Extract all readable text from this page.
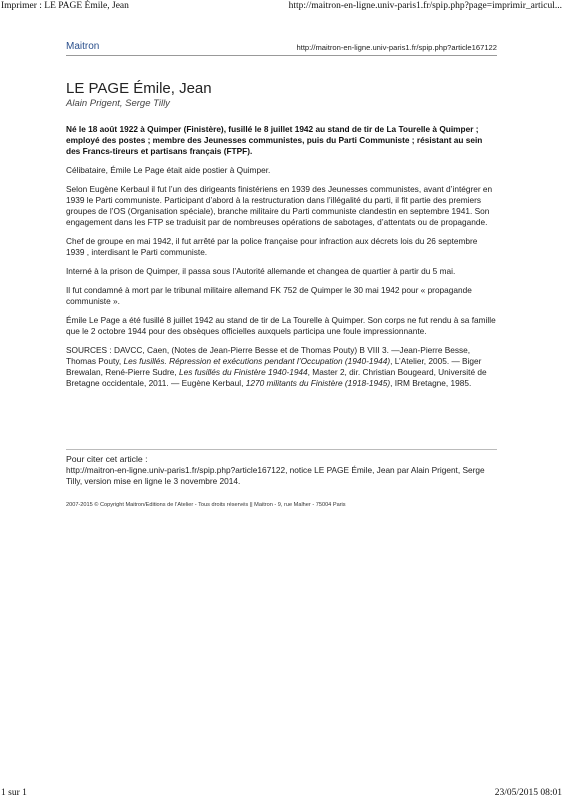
Imprimer : LE PAGE Émile, Jean	http://maitron-en-ligne.univ-paris1.fr/spip.php?page=imprimir_articul...
Maitron	http://maitron-en-ligne.univ-paris1.fr/spip.php?article167122
LE PAGE Émile, Jean
Alain Prigent, Serge Tilly

Né le 18 août 1922 à Quimper (Finistère), fusillé le 8 juillet 1942 au stand de tir de La Tourelle à Quimper ; employé des postes ; membre des Jeunesses communistes, puis du Parti Communiste ; résistant au sein des Francs-tireurs et partisans français (FTPF).

Célibataire, Émile Le Page était aide postier à Quimper.

Selon Eugène Kerbaul il fut l’un des dirigeants finistériens en 1939 des Jeunesses communistes, avant d’intégrer en 1939 le Parti communiste. Participant d’abord à la restructuration dans l’illégalité du parti, il fit partie des premiers groupes de l’OS (Organisation spéciale), branche militaire du Parti communiste clandestin en septembre 1941. Son engagement dans les FTP se traduisit par de nombreuses opérations de sabotages, d’attentats ou de propagande.

Chef de groupe en mai 1942, il fut arrêté par la police française pour infraction aux décrets lois du 26 septembre 1939 , interdisant le Parti communiste.

Interné à la prison de Quimper, il passa sous l’Autorité allemande et changea de quartier à partir du 5 mai.

Il fut condamné à mort par le tribunal militaire allemand FK 752 de Quimper le 30 mai 1942 pour « propagande communiste ».

Émile Le Page a été fusillé 8 juillet 1942 au stand de tir de La Tourelle à Quimper. Son corps ne fut rendu à sa famille que le 2 octobre 1944 pour des obsèques officielles auxquels participa une foule impressionnante.

SOURCES : DAVCC, Caen, (Notes de Jean-Pierre Besse et de Thomas Pouty) B VIII 3. —Jean-Pierre Besse, Thomas Pouty, Les fusillés. Répression et exécutions pendant l’Occupation (1940-1944), L’Atelier, 2005. — Biger Brewalan, René-Pierre Sudre, Les fusillés du Finistère 1940-1944, Master 2, dir. Christian Bougeard, Université de Bretagne occidentale, 2011. — Eugène Kerbaul, 1270 militants du Finistère (1918-1945), IRM Bretagne, 1985.

Pour citer cet article :
http://maitron-en-ligne.univ-paris1.fr/spip.php?article167122, notice LE PAGE Émile, Jean par Alain Prigent, Serge Tilly, version mise en ligne le 3 novembre 2014.
2007-2015 © Copyright Maitron/Editions de l’Atelier - Tous droits réservés || Maitron - 9, rue Malher - 75004 Paris
1 sur 1	23/05/2015 08:01
